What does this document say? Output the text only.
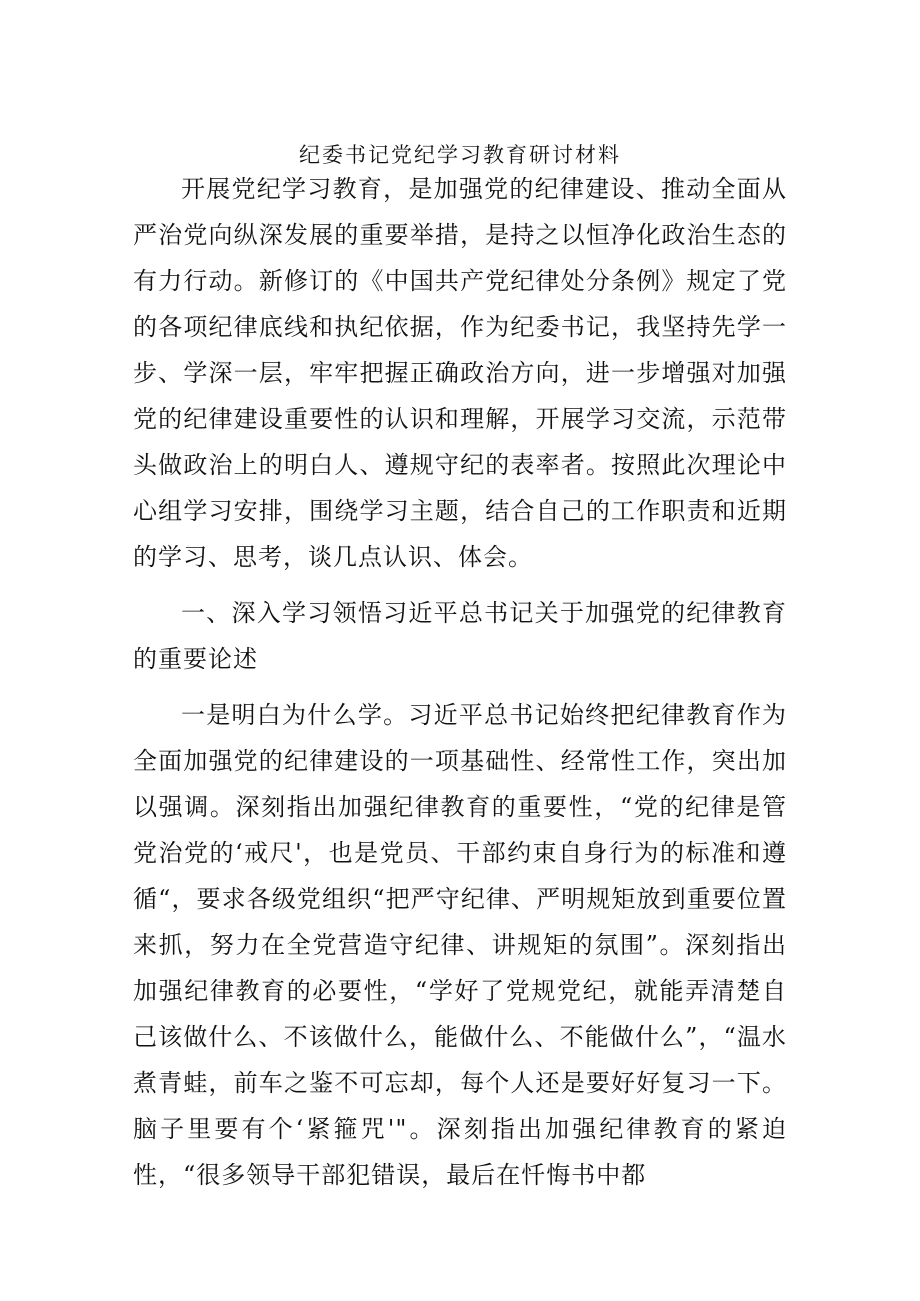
纪委书记党纪学习教育研讨材料

开展党纪学习教育，是加强党的纪律建设、推动全面从严治党向纵深发展的重要举措，是持之以恒净化政治生态的有力行动。新修订的《中国共产党纪律处分条例》规定了党的各项纪律底线和执纪依据，作为纪委书记，我坚持先学一步、学深一层，牢牢把握正确政治方向，进一步增强对加强党的纪律建设重要性的认识和理解，开展学习交流，示范带头做政治上的明白人、遵规守纪的表率者。按照此次理论中心组学习安排，围绕学习主题，结合自己的工作职责和近期的学习、思考，谈几点认识、体会。

一、深入学习领悟习近平总书记关于加强党的纪律教育的重要论述

一是明白为什么学。习近平总书记始终把纪律教育作为全面加强党的纪律建设的一项基础性、经常性工作，突出加以强调。深刻指出加强纪律教育的重要性，“党的纪律是管党治党的‘戒尺'，也是党员、干部约束自身行为的标准和遵循“，要求各级党组织“把严守纪律、严明规矩放到重要位置来抓，努力在全党营造守纪律、讲规矩的氛围”。深刻指出加强纪律教育的必要性，“学好了党规党纪，就能弄清楚自己该做什么、不该做什么，能做什么、不能做什么”，“温水煮青蛙，前车之鉴不可忘却，每个人还是要好好复习一下。脑子里要有个‘紧箍咒'"。深刻指出加强纪律教育的紧迫性，“很多领导干部犯错误，最后在忏悔书中都
